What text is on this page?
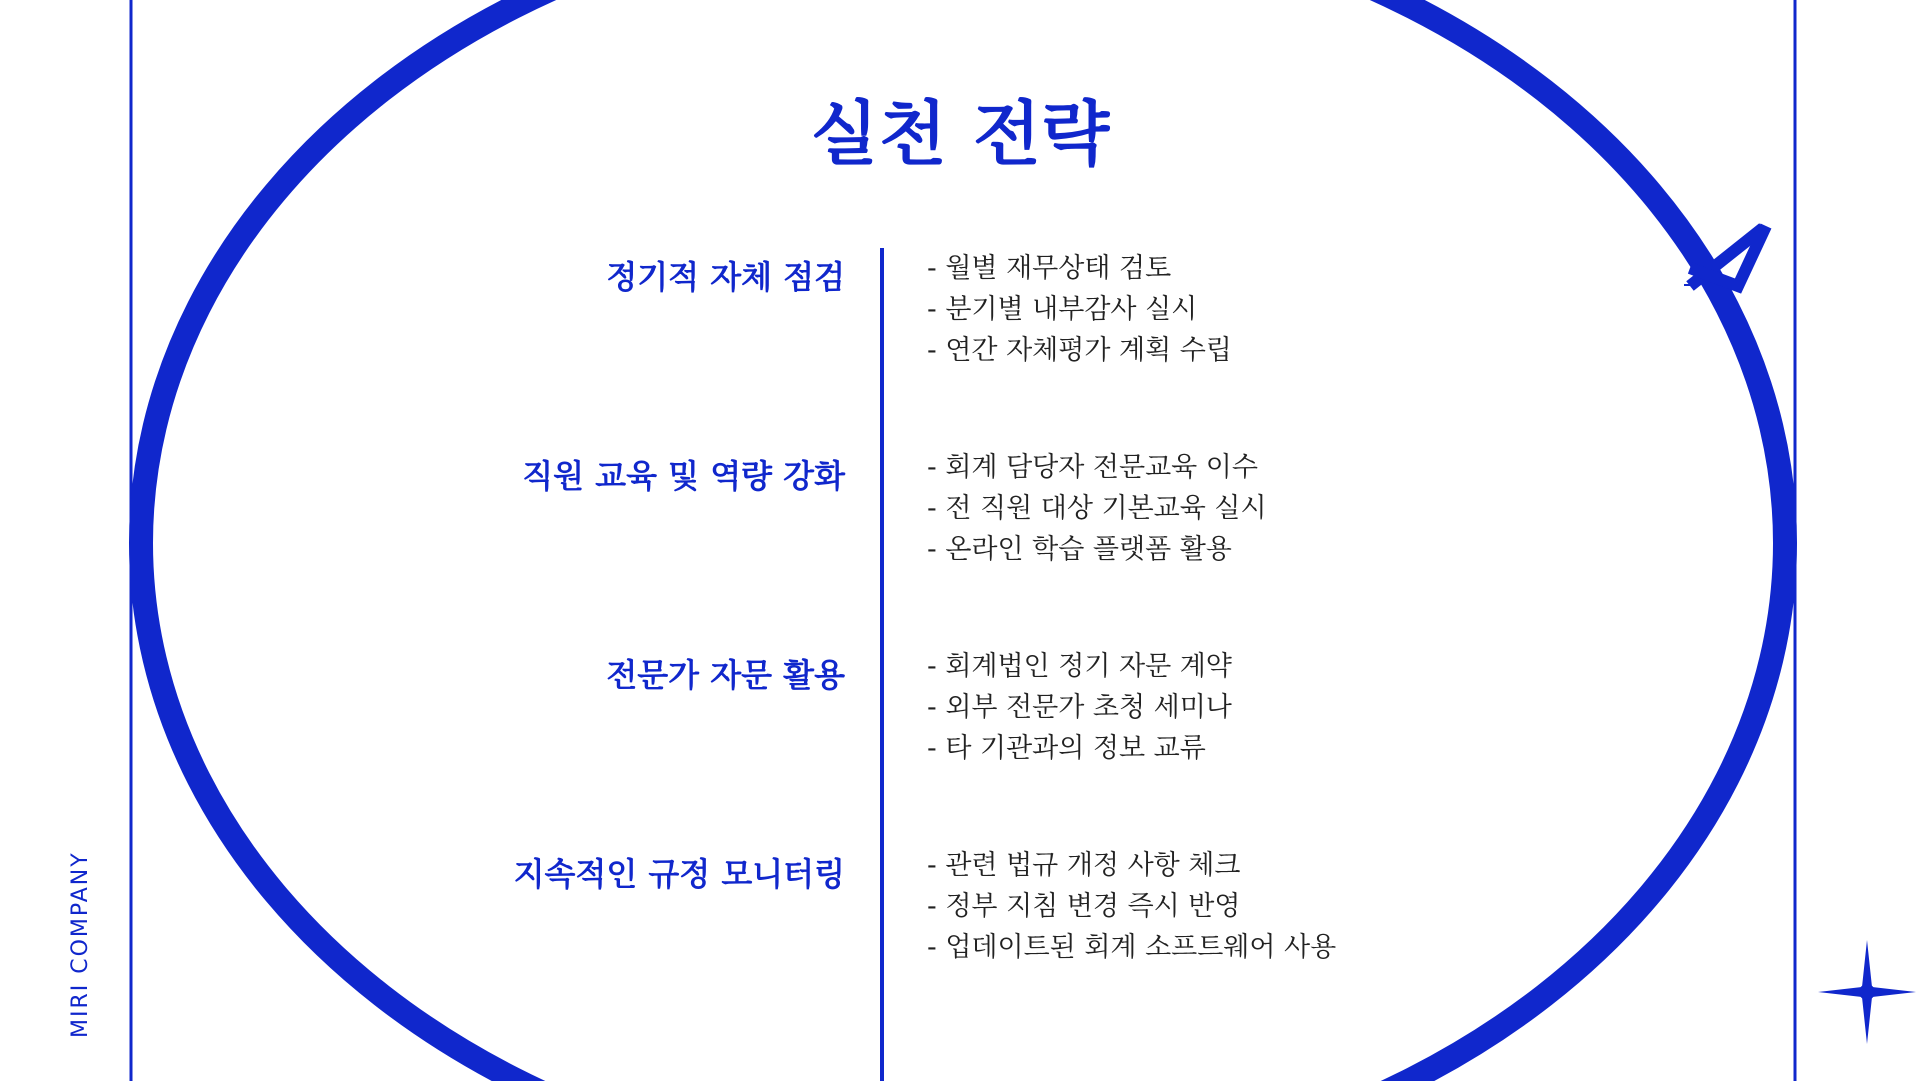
실천 전략
MIRI COMPANY
정기적 자체 점검	- 월별 재무상태 검토
- 분기별 내부감사 실시
- 연간 자체평가 계획 수립
직원 교육 및 역량 강화	- 회계 담당자 전문교육 이수
- 전 직원 대상 기본교육 실시
- 온라인 학습 플랫폼 활용
전문가 자문 활용	- 회계법인 정기 자문 계약
- 외부 전문가 초청 세미나
- 타 기관과의 정보 교류
지속적인 규정 모니터링	- 관련 법규 개정 사항 체크
- 정부 지침 변경 즉시 반영
- 업데이트된 회계 소프트웨어 사용
